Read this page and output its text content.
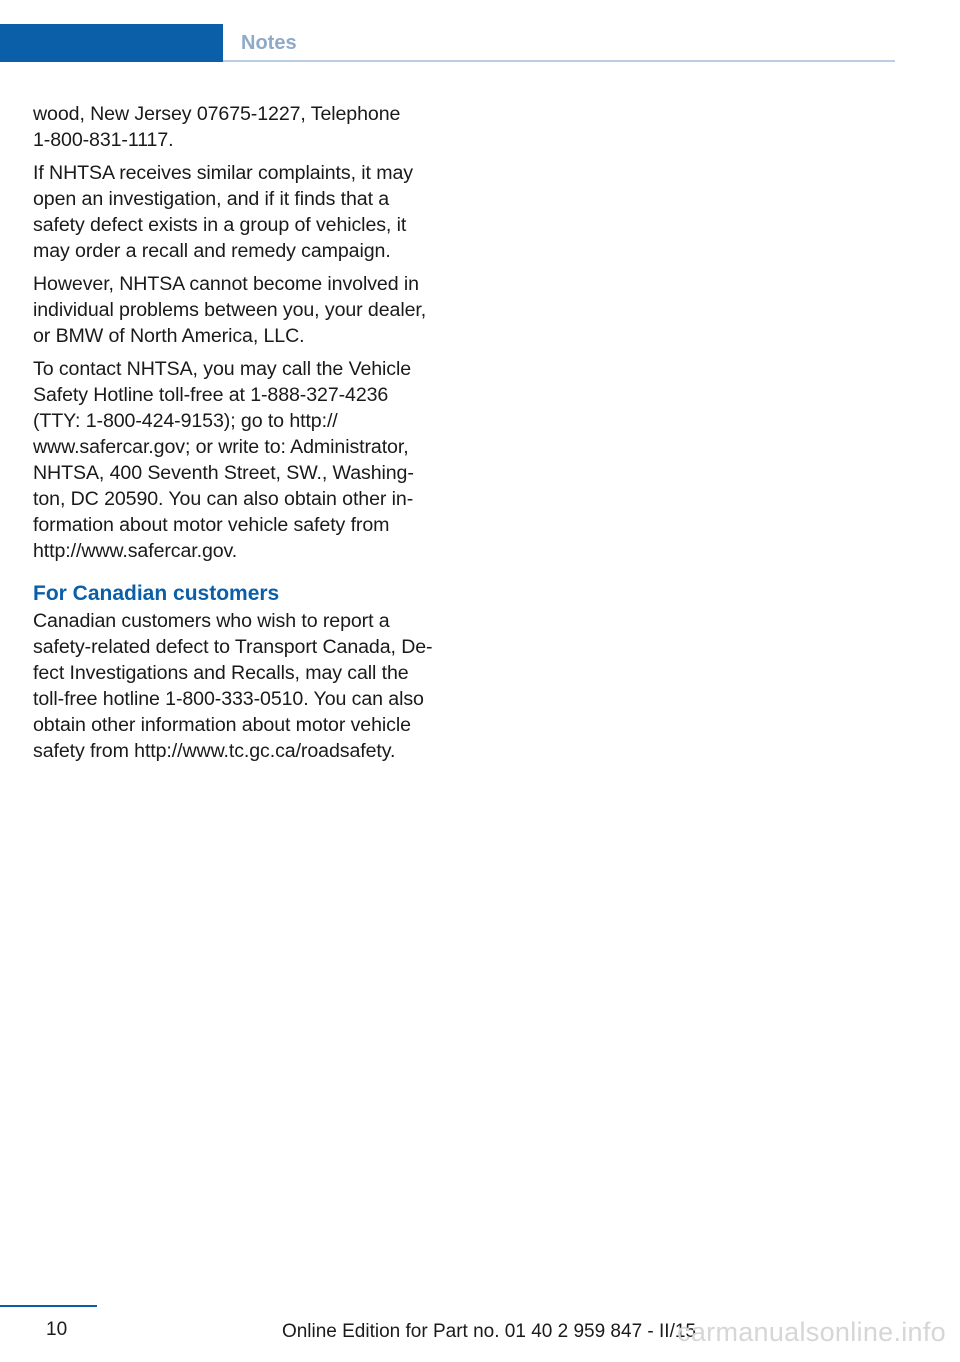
Notes

wood, New Jersey 07675-1227, Telephone
1-800-831-1117.

If NHTSA receives similar complaints, it may
open an investigation, and if it finds that a
safety defect exists in a group of vehicles, it
may order a recall and remedy campaign.

However, NHTSA cannot become involved in
individual problems between you, your dealer,
or BMW of North America, LLC.

To contact NHTSA, you may call the Vehicle
Safety Hotline toll-free at 1-888-327-4236
(TTY: 1-800-424-9153); go to http://
www.safercar.gov; or write to: Administrator,
NHTSA, 400 Seventh Street, SW., Washing‐
ton, DC 20590. You can also obtain other in‐
formation about motor vehicle safety from
http://www.safercar.gov.

For Canadian customers

Canadian customers who wish to report a
safety-related defect to Transport Canada, De‐
fect Investigations and Recalls, may call the
toll-free hotline 1-800-333-0510. You can also
obtain other information about motor vehicle
safety from http://www.tc.gc.ca/roadsafety.

10	Online Edition for Part no. 01 40 2 959 847 - II/15
carmanualsonline.info
